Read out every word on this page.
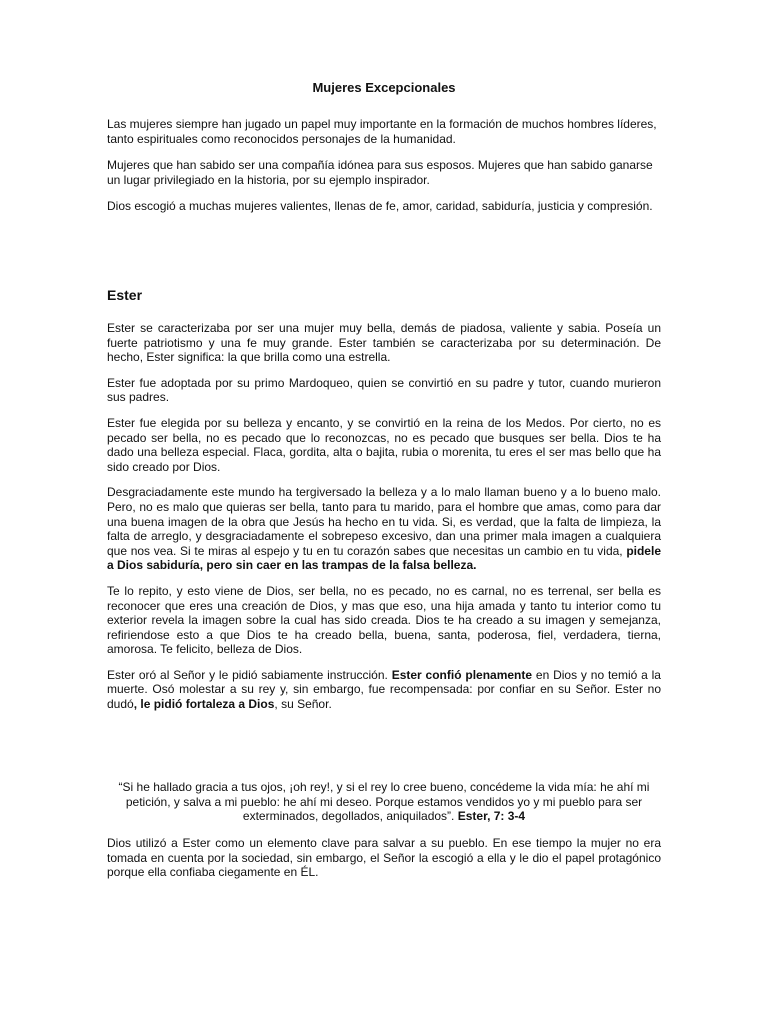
Mujeres Excepcionales

Las mujeres siempre han jugado un papel muy importante en la formación de muchos hombres líderes, tanto espirituales como reconocidos personajes de la humanidad.

Mujeres que han sabido ser una compañía idónea para sus esposos. Mujeres que han sabido ganarse un lugar privilegiado en la historia, por su ejemplo inspirador.

Dios escogió a muchas mujeres valientes, llenas de fe, amor, caridad, sabiduría, justicia y compresión.

Ester

Ester se caracterizaba por ser una mujer muy bella, demás de piadosa, valiente y sabia. Poseía un fuerte patriotismo y una fe muy grande. Ester también se caracterizaba por su determinación. De hecho, Ester significa: la que brilla como una estrella.

Ester fue adoptada por su primo Mardoqueo, quien se convirtió en su padre y tutor, cuando murieron sus padres.

Ester fue elegida por su belleza y encanto, y se convirtió en la reina de los Medos. Por cierto, no es pecado ser bella, no es pecado que lo reconozcas, no es pecado que busques ser bella. Dios te ha dado una belleza especial. Flaca, gordita, alta o bajita, rubia o morenita, tu eres el ser mas bello que ha sido creado por Dios.

Desgraciadamente este mundo ha tergiversado la belleza y a lo malo llaman bueno y a lo bueno malo. Pero, no es malo que quieras ser bella, tanto para tu marido, para el hombre que amas, como para dar una buena imagen de la obra que Jesús ha hecho en tu vida. Si, es verdad, que la falta de limpieza, la falta de arreglo, y desgraciadamente el sobrepeso excesivo, dan una primer mala imagen a cualquiera que nos vea. Si te miras al espejo y tu en tu corazón sabes que necesitas un cambio en tu vida, pidele a Dios sabiduría, pero sin caer en las trampas de la falsa belleza.

Te lo repito, y esto viene de Dios, ser bella, no es pecado, no es carnal, no es terrenal, ser bella es reconocer que eres una creación de Dios, y mas que eso, una hija amada y tanto tu interior como tu exterior revela la imagen sobre la cual has sido creada. Dios te ha creado a su imagen y semejanza, refiriendose esto a que Dios te ha creado bella, buena, santa, poderosa, fiel, verdadera, tierna, amorosa. Te felicito, belleza de Dios.

Ester oró al Señor y le pidió sabiamente instrucción. Ester confió plenamente en Dios y no temió a la muerte. Osó molestar a su rey y, sin embargo, fue recompensada: por confiar en su Señor. Ester no dudó, le pidió fortaleza a Dios, su Señor.

“Si he hallado gracia a tus ojos, ¡oh rey!, y si el rey lo cree bueno, concédeme la vida mía: he ahí mi petición, y salva a mi pueblo: he ahí mi deseo. Porque estamos vendidos yo y mi pueblo para ser exterminados, degollados, aniquilados”. Ester, 7: 3-4

Dios utilizó a Ester como un elemento clave para salvar a su pueblo. En ese tiempo la mujer no era tomada en cuenta por la sociedad, sin embargo, el Señor la escogió a ella y le dio el papel protagónico porque ella confiaba ciegamente en ÉL.
